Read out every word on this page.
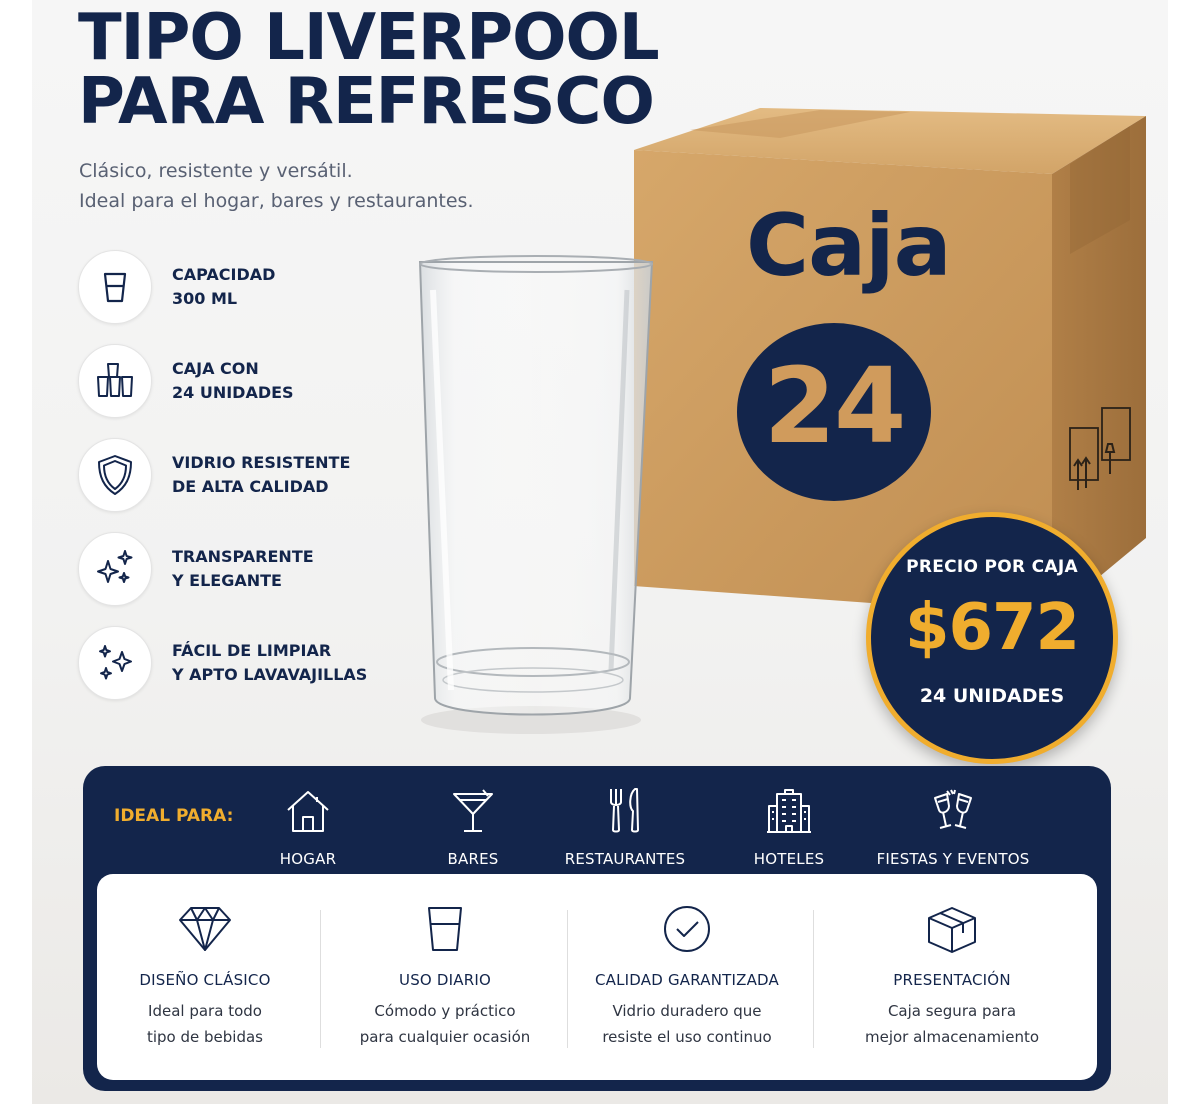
TIPO LIVERPOOL
PARA REFRESCO
Clásico, resistente y versátil.
Ideal para el hogar, bares y restaurantes.
CAPACIDAD
300 ML
CAJA CON
24 UNIDADES
VIDRIO RESISTENTE
DE ALTA CALIDAD
TRANSPARENTE
Y ELEGANTE
FÁCIL DE LIMPIAR
Y APTO LAVAVAJILLAS
Caja
24
PRECIO POR CAJA
$672
24 UNIDADES
IDEAL PARA:
HOGAR	BARES	RESTAURANTES	HOTELES	FIESTAS Y EVENTOS
DISEÑO CLÁSICO
Ideal para todo
tipo de bebidas
USO DIARIO
Cómodo y práctico
para cualquier ocasión
CALIDAD GARANTIZADA
Vidrio duradero que
resiste el uso continuo
PRESENTACIÓN
Caja segura para
mejor almacenamiento
